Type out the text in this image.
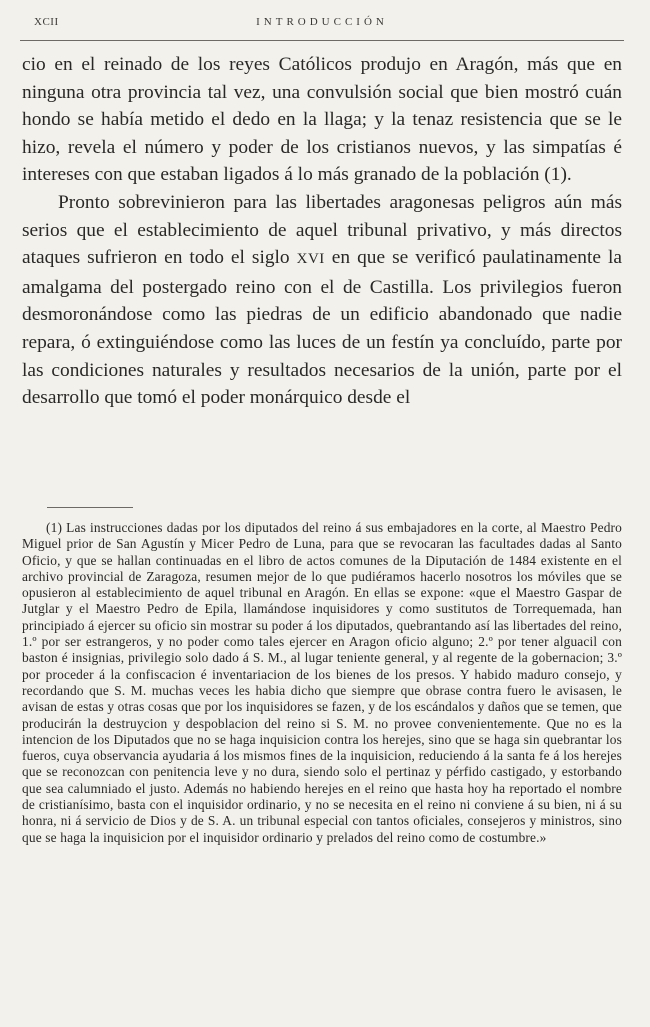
XCII	INTRODUCCIÓN

cio en el reinado de los reyes Católicos produjo en Aragón, más que en ninguna otra provincia tal vez, una convulsión social que bien mostró cuán hondo se había metido el dedo en la llaga; y la tenaz resistencia que se le hizo, revela el número y poder de los cristianos nuevos, y las simpatías é intereses con que estaban ligados á lo más granado de la población (1).

Pronto sobrevinieron para las libertades aragonesas peligros aún más serios que el establecimiento de aquel tribunal privativo, y más directos ataques sufrieron en todo el siglo XVI en que se verificó paulatinamente la amalgama del postergado reino con el de Castilla. Los privilegios fueron desmoronándose como las piedras de un edificio abandonado que nadie repara, ó extinguiéndose como las luces de un festín ya concluído, parte por las condiciones naturales y resultados necesarios de la unión, parte por el desarrollo que tomó el poder monárquico desde el

(1) Las instrucciones dadas por los diputados del reino á sus embajadores en la corte, al Maestro Pedro Miguel prior de San Agustín y Micer Pedro de Luna, para que se revocaran las facultades dadas al Santo Oficio, y que se hallan continuadas en el libro de actos comunes de la Diputación de 1484 existente en el archivo provincial de Zaragoza, resumen mejor de lo que pudiéramos hacerlo nosotros los móviles que se opusieron al establecimiento de aquel tribunal en Aragón. En ellas se expone: «que el Maestro Gaspar de Jutglar y el Maestro Pedro de Epila, llamándose inquisidores y como sustitutos de Torrequemada, han principiado á ejercer su oficio sin mostrar su poder á los diputados, quebrantando así las libertades del reino, 1.º por ser estrangeros, y no poder como tales ejercer en Aragon oficio alguno; 2.º por tener alguacil con baston é insignias, privilegio solo dado á S. M., al lugar teniente general, y al regente de la gobernacion; 3.º por proceder á la confiscacion é inventariacion de los bienes de los presos. Y habido maduro consejo, y recordando que S. M. muchas veces les habia dicho que siempre que obrase contra fuero le avisasen, le avisan de estas y otras cosas que por los inquisidores se fazen, y de los escándalos y daños que se temen, que producirán la destruycion y despoblacion del reino si S. M. no provee convenientemente. Que no es la intencion de los Diputados que no se haga inquisicion contra los herejes, sino que se haga sin quebrantar los fueros, cuya observancia ayudaria á los mismos fines de la inquisicion, reduciendo á la santa fe á los herejes que se reconozcan con penitencia leve y no dura, siendo solo el pertinaz y pérfido castigado, y estorbando que sea calumniado el justo. Además no habiendo herejes en el reino que hasta hoy ha reportado el nombre de cristianísimo, basta con el inquisidor ordinario, y no se necesita en el reino ni conviene á su bien, ni á su honra, ni á servicio de Dios y de S. A. un tribunal especial con tantos oficiales, consejeros y ministros, sino que se haga la inquisicion por el inquisidor ordinario y prelados del reino como de costumbre.»
